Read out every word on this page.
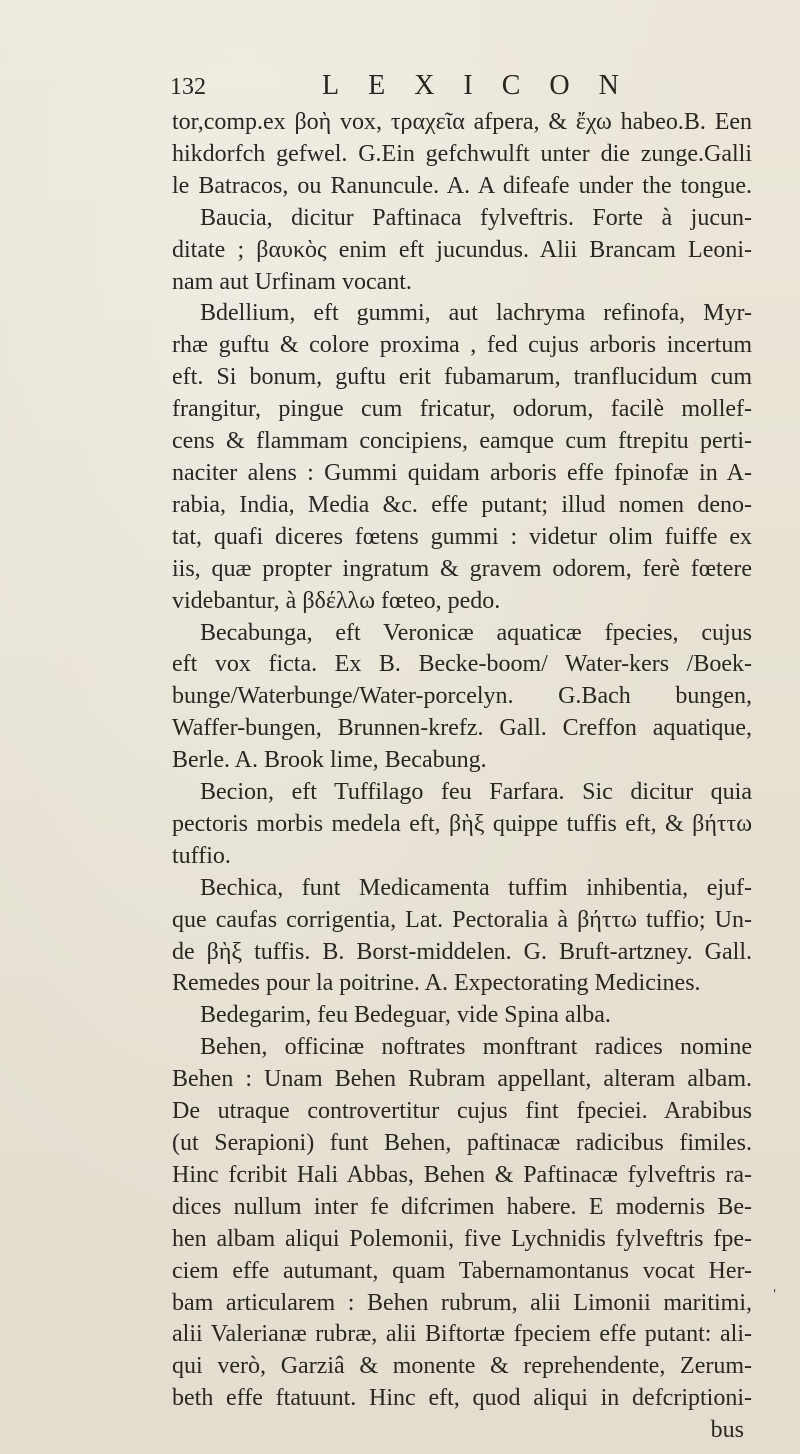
132	LEXICON
tor,comp.ex βοὴ vox, τραχεῖα afpera, & ἔχω habeo.B. Een
hikdorfch gefwel. G.Ein gefchwulft unter die zunge.Galli
le Batracos, ou Ranuncule. A. A difeafe under the tongue.
Baucia, dicitur Paftinaca fylveftris. Forte à jucun-
ditate ; βαυκὸς enim eft jucundus. Alii Brancam Leoni-
nam aut Urfinam vocant.
Bdellium, eft gummi, aut lachryma refinofa, Myr-
rhæ guftu & colore proxima , fed cujus arboris incertum
eft. Si bonum, guftu erit fubamarum, tranflucidum cum
frangitur, pingue cum fricatur, odorum, facilè mollef-
cens & flammam concipiens, eamque cum ftrepitu perti-
naciter alens : Gummi quidam arboris effe fpinofæ in A-
rabia, India, Media &c. effe putant; illud nomen deno-
tat, quafi diceres fœtens gummi : videtur olim fuiffe ex
iis, quæ propter ingratum & gravem odorem, ferè fœtere
videbantur, à βδέλλω fœteo, pedo.
Becabunga, eft Veronicæ aquaticæ fpecies, cujus
eft vox ficta. Ex B. Becke-boom/ Water-kers /Boek-
bunge/Waterbunge/Water-porcelyn. G.Bach bungen,
Waffer-bungen, Brunnen-krefz. Gall. Creffon aquatique,
Berle. A. Brook lime, Becabung.
Becion, eft Tuffilago feu Farfara. Sic dicitur quia
pectoris morbis medela eft, βὴξ quippe tuffis eft, & βήττω
tuffio.
Bechica, funt Medicamenta tuffim inhibentia, ejuf-
que caufas corrigentia, Lat. Pectoralia à βήττω tuffio; Un-
de βὴξ tuffis. B. Borst-middelen. G. Bruft-artzney. Gall.
Remedes pour la poitrine. A. Expectorating Medicines.
Bedegarim, feu Bedeguar, vide Spina alba.
Behen, officinæ noftrates monftrant radices nomine
Behen : Unam Behen Rubram appellant, alteram albam.
De utraque controvertitur cujus fint fpeciei. Arabibus
(ut Serapioni) funt Behen, paftinacæ radicibus fimiles.
Hinc fcribit Hali Abbas, Behen & Paftinacæ fylveftris ra-
dices nullum inter fe difcrimen habere. E modernis Be-
hen albam aliqui Polemonii, five Lychnidis fylveftris fpe-
ciem effe autumant, quam Tabernamontanus vocat Her-
bam articularem : Behen rubrum, alii Limonii maritimi,
alii Valerianæ rubræ, alii Biftortæ fpeciem effe putant: ali-
qui verò, Garziâ & monente & reprehendente, Zerum-
beth effe ftatuunt. Hinc eft, quod aliqui in defcriptioni-
bus
'
